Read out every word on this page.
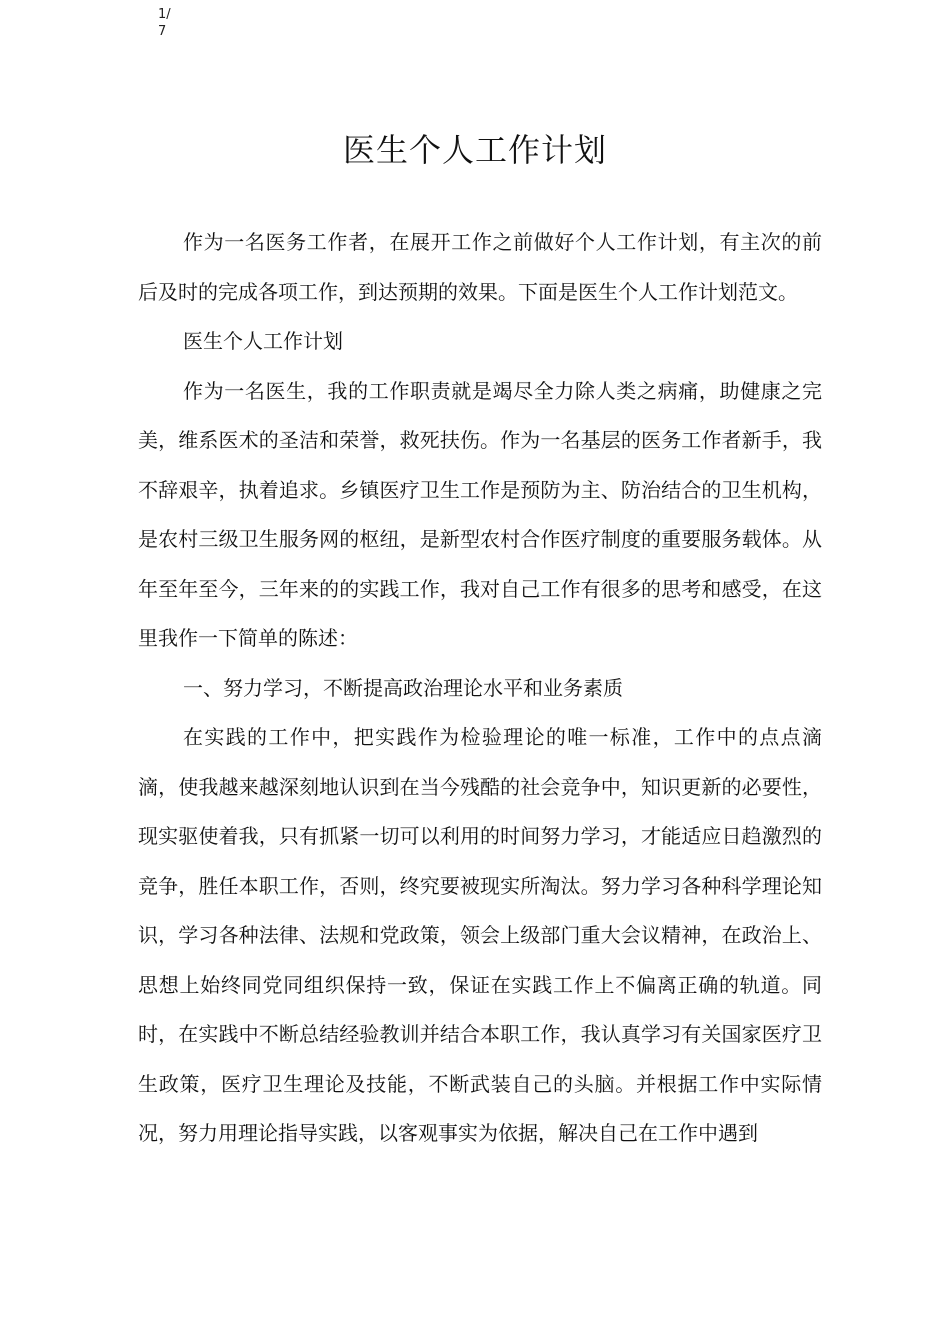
1/7
医生个人工作计划

作为一名医务工作者，在展开工作之前做好个人工作计划，有主次的前后及时的完成各项工作，到达预期的效果。下面是医生个人工作计划范文。

医生个人工作计划

作为一名医生，我的工作职责就是竭尽全力除人类之病痛，助健康之完美，维系医术的圣洁和荣誉，救死扶伤。作为一名基层的医务工作者新手，我不辞艰辛，执着追求。乡镇医疗卫生工作是预防为主、防治结合的卫生机构，是农村三级卫生服务网的枢纽，是新型农村合作医疗制度的重要服务载体。从年至年至今，三年来的的实践工作，我对自己工作有很多的思考和感受，在这里我作一下简单的陈述：

一、努力学习，不断提高政治理论水平和业务素质

在实践的工作中，把实践作为检验理论的唯一标准，工作中的点点滴滴，使我越来越深刻地认识到在当今残酷的社会竞争中，知识更新的必要性，现实驱使着我，只有抓紧一切可以利用的时间努力学习，才能适应日趋激烈的竞争，胜任本职工作，否则，终究要被现实所淘汰。努力学习各种科学理论知识，学习各种法律、法规和党政策，领会上级部门重大会议精神，在政治上、思想上始终同党同组织保持一致，保证在实践工作上不偏离正确的轨道。同时，在实践中不断总结经验教训并结合本职工作，我认真学习有关国家医疗卫生政策，医疗卫生理论及技能，不断武装自己的头脑。并根据工作中实际情况，努力用理论指导实践，以客观事实为依据，解决自己在工作中遇到
